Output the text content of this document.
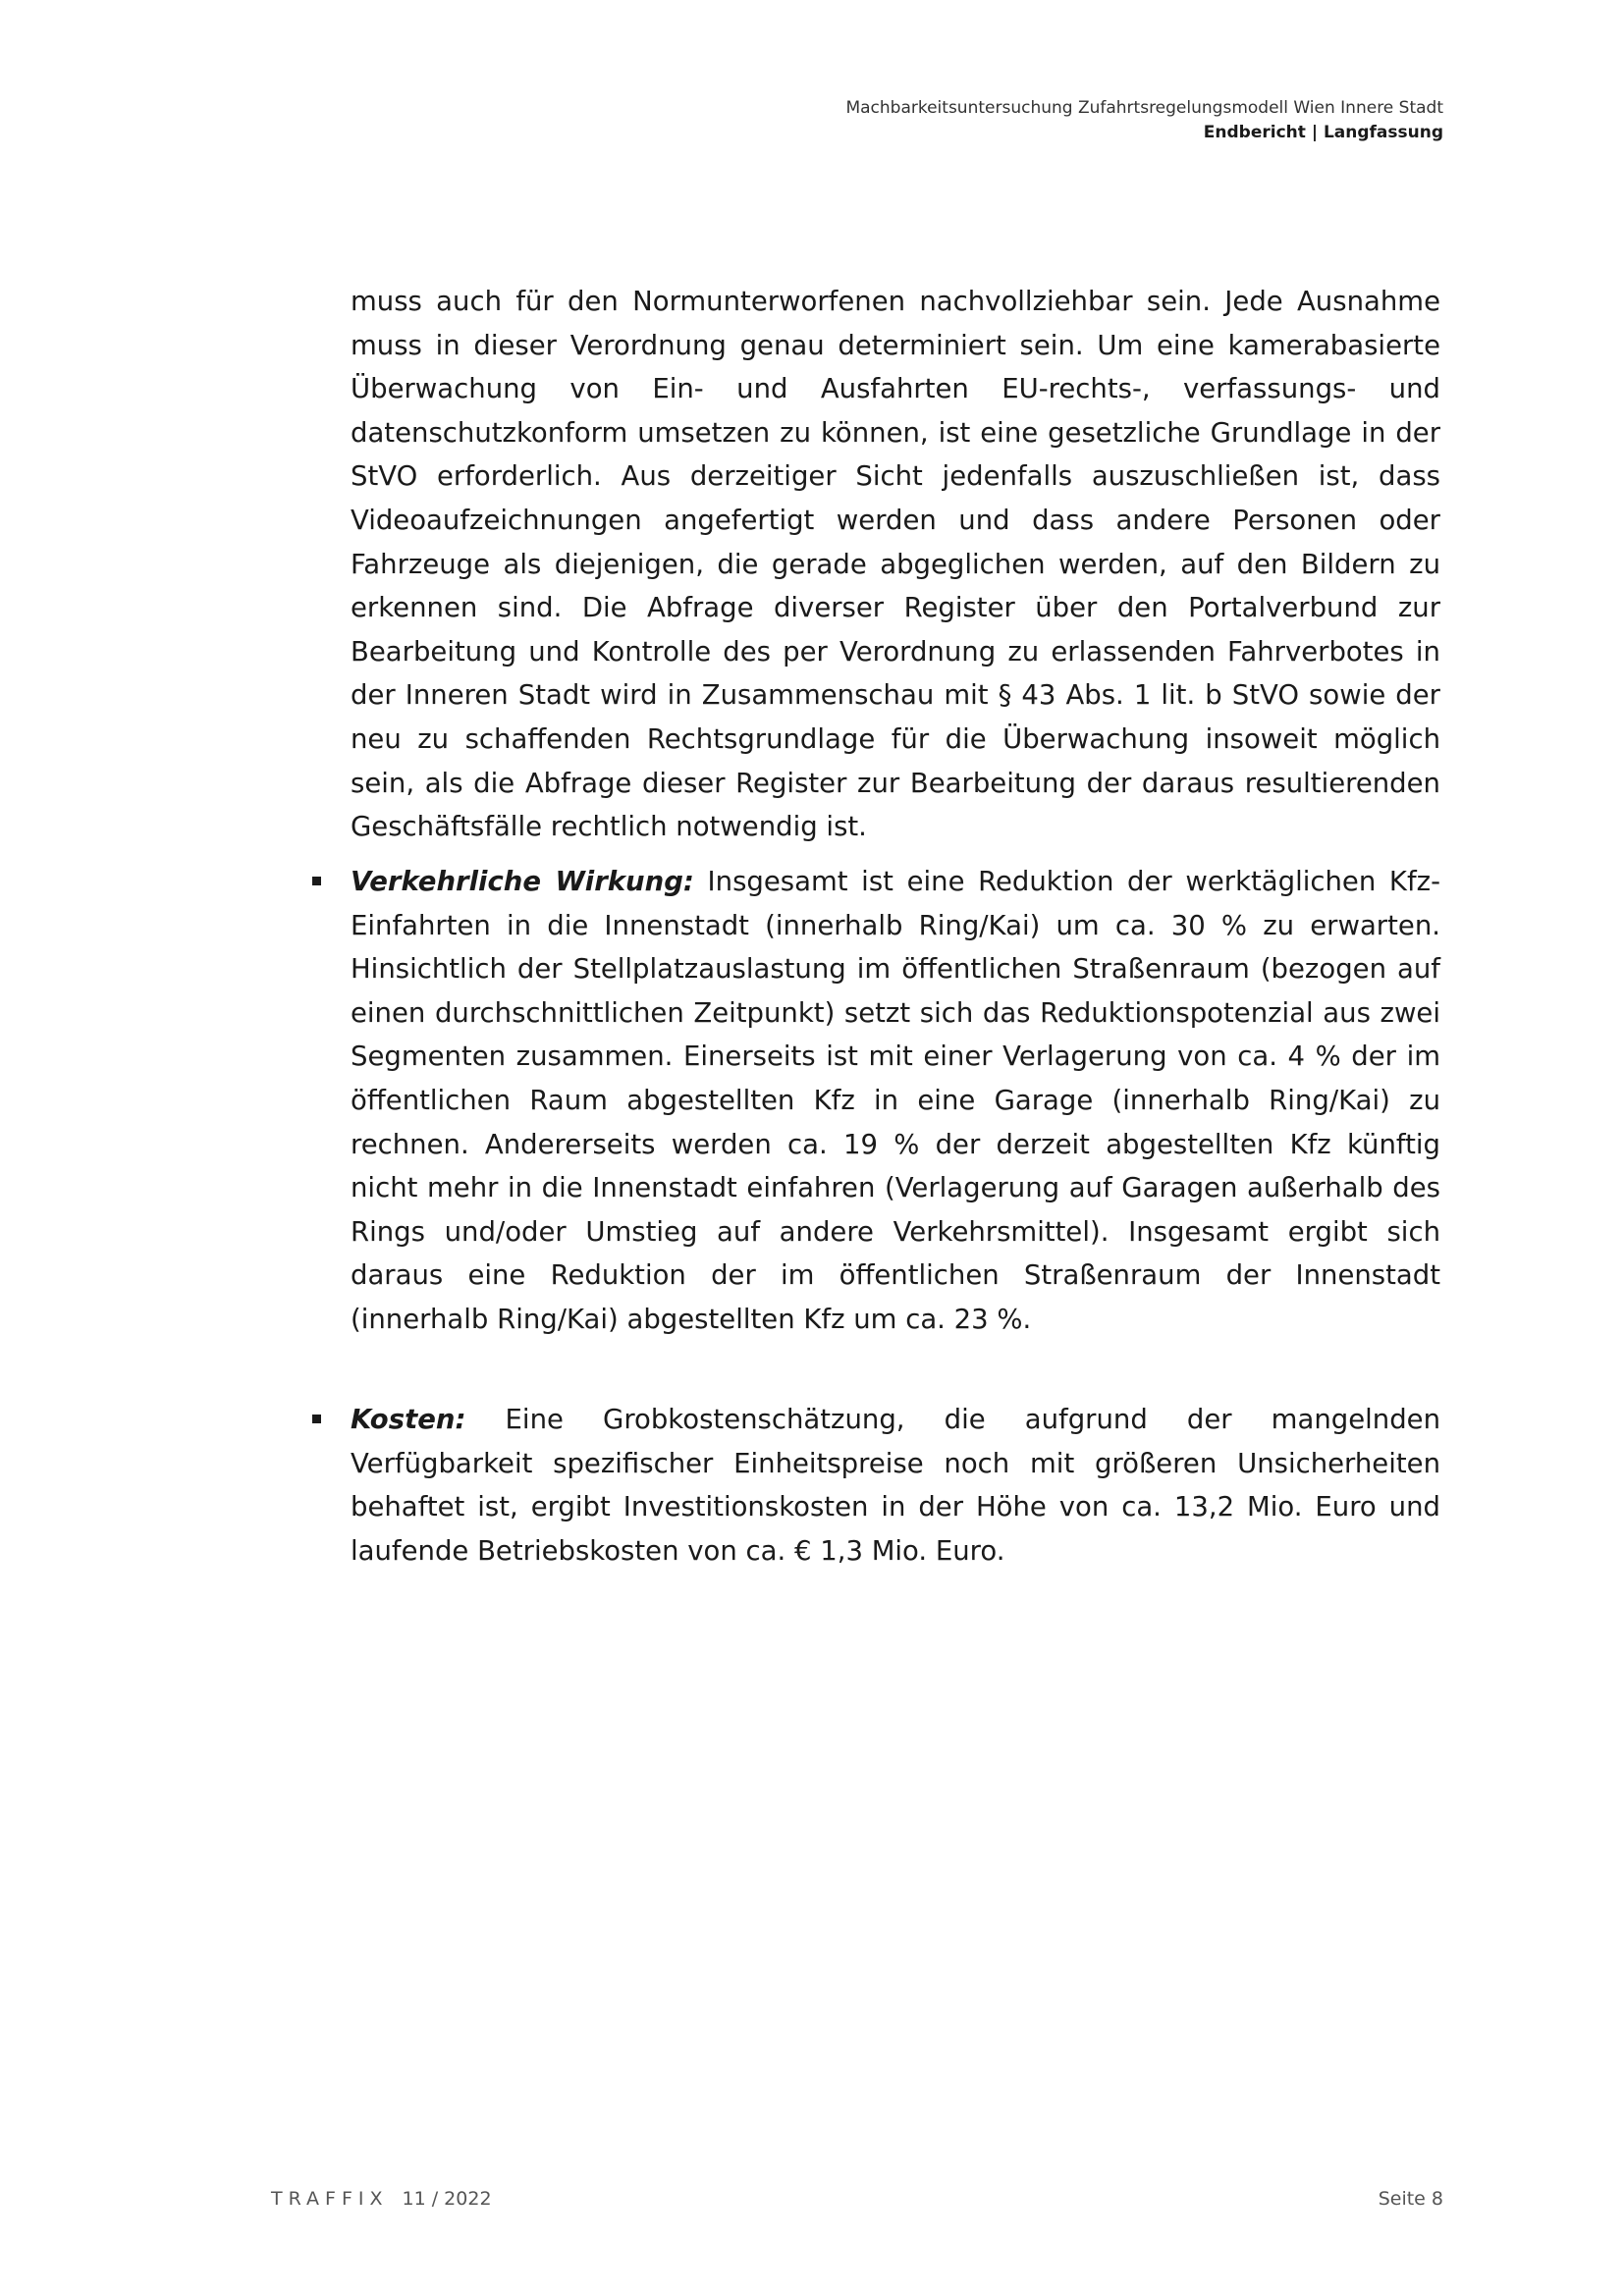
Machbarkeitsuntersuchung Zufahrtsregelungsmodell Wien Innere Stadt
Endbericht | Langfassung

muss auch für den Normunterworfenen nachvollziehbar sein. Jede Ausnahme muss in dieser Verordnung genau determiniert sein. Um eine kamerabasierte Überwachung von Ein- und Ausfahrten EU-rechts-, verfassungs- und datenschutzkonform umsetzen zu können, ist eine gesetzliche Grundlage in der StVO erforderlich. Aus derzeitiger Sicht jedenfalls auszuschließen ist, dass Videoaufzeichnungen angefertigt werden und dass andere Personen oder Fahrzeuge als diejenigen, die gerade abgeglichen werden, auf den Bildern zu erkennen sind. Die Abfrage diverser Register über den Portalverbund zur Bearbeitung und Kontrolle des per Verordnung zu erlassenden Fahrverbotes in der Inneren Stadt wird in Zusammenschau mit § 43 Abs. 1 lit. b StVO sowie der neu zu schaffenden Rechtsgrundlage für die Überwachung insoweit möglich sein, als die Abfrage dieser Register zur Bearbeitung der daraus resultierenden Geschäftsfälle rechtlich notwendig ist.

Verkehrliche Wirkung: Insgesamt ist eine Reduktion der werktäglichen Kfz-Einfahrten in die Innenstadt (innerhalb Ring/Kai) um ca. 30 % zu erwarten. Hinsichtlich der Stellplatzauslastung im öffentlichen Straßenraum (bezogen auf einen durchschnittlichen Zeitpunkt) setzt sich das Reduktionspotenzial aus zwei Segmenten zusammen. Einerseits ist mit einer Verlagerung von ca. 4 % der im öffentlichen Raum abgestellten Kfz in eine Garage (innerhalb Ring/Kai) zu rechnen. Andererseits werden ca. 19 % der derzeit abgestellten Kfz künftig nicht mehr in die Innenstadt einfahren (Verlagerung auf Garagen außerhalb des Rings und/oder Umstieg auf andere Verkehrsmittel). Insgesamt ergibt sich daraus eine Reduktion der im öffentlichen Straßenraum der Innenstadt (innerhalb Ring/Kai) abgestellten Kfz um ca. 23 %.
Kosten: Eine Grobkostenschätzung, die aufgrund der mangelnden Verfügbarkeit spezifischer Einheitspreise noch mit größeren Unsicherheiten behaftet ist, ergibt Investitionskosten in der Höhe von ca. 13,2 Mio. Euro und laufende Betriebskosten von ca. € 1,3 Mio. Euro.
TRAFFIX 11 / 2022	Seite 8
